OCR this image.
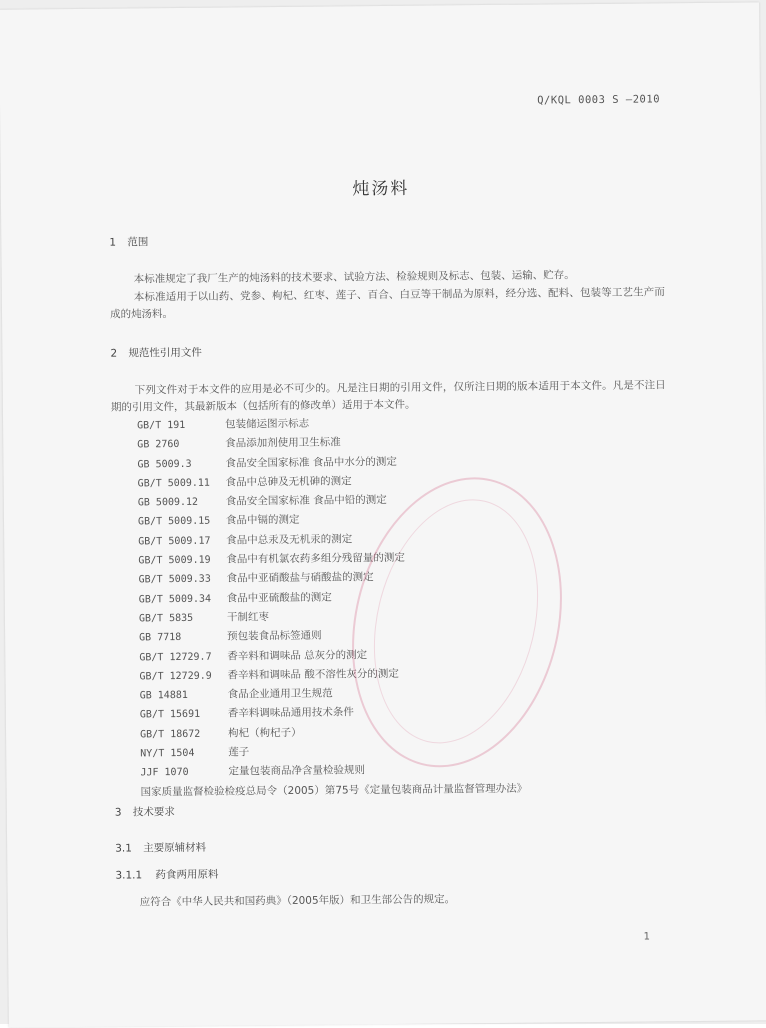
Q/KQL 0003 S —2010
炖汤料
1 范围
本标准规定了我厂生产的炖汤料的技术要求、试验方法、检验规则及标志、包装、运输、贮存。
本标准适用于以山药、党参、枸杞、红枣、莲子、百合、白豆等干制品为原料，经分选、配料、包装等工艺生产而成的炖汤料。
2 规范性引用文件
下列文件对于本文件的应用是必不可少的。凡是注日期的引用文件，仅所注日期的版本适用于本文件。凡是不注日期的引用文件，其最新版本（包括所有的修改单）适用于本文件。
GB/T 191	包装储运图示标志
GB 2760	食品添加剂使用卫生标准
GB 5009.3	食品安全国家标准 食品中水分的测定
GB/T 5009.11 食品中总砷及无机砷的测定
GB 5009.12	食品安全国家标准 食品中铅的测定
GB/T 5009.15 食品中镉的测定
GB/T 5009.17 食品中总汞及无机汞的测定
GB/T 5009.19 食品中有机氯农药多组分残留量的测定
GB/T 5009.33 食品中亚硝酸盐与硝酸盐的测定
GB/T 5009.34 食品中亚硫酸盐的测定
GB/T 5835	干制红枣
GB 7718	预包装食品标签通则
GB/T 12729.7 香辛料和调味品 总灰分的测定
GB/T 12729.9 香辛料和调味品 酸不溶性灰分的测定
GB 14881	食品企业通用卫生规范
GB/T 15691	香辛料调味品通用技术条件
GB/T 18672	枸杞（枸杞子）
NY/T 1504	莲子
JJF 1070	定量包装商品净含量检验规则
国家质量监督检验检疫总局令（2005）第75号《定量包装商品计量监督管理办法》
3 技术要求
3.1 主要原辅材料
3.1.1 药食两用原料
应符合《中华人民共和国药典》（2005年版）和卫生部公告的规定。
1
